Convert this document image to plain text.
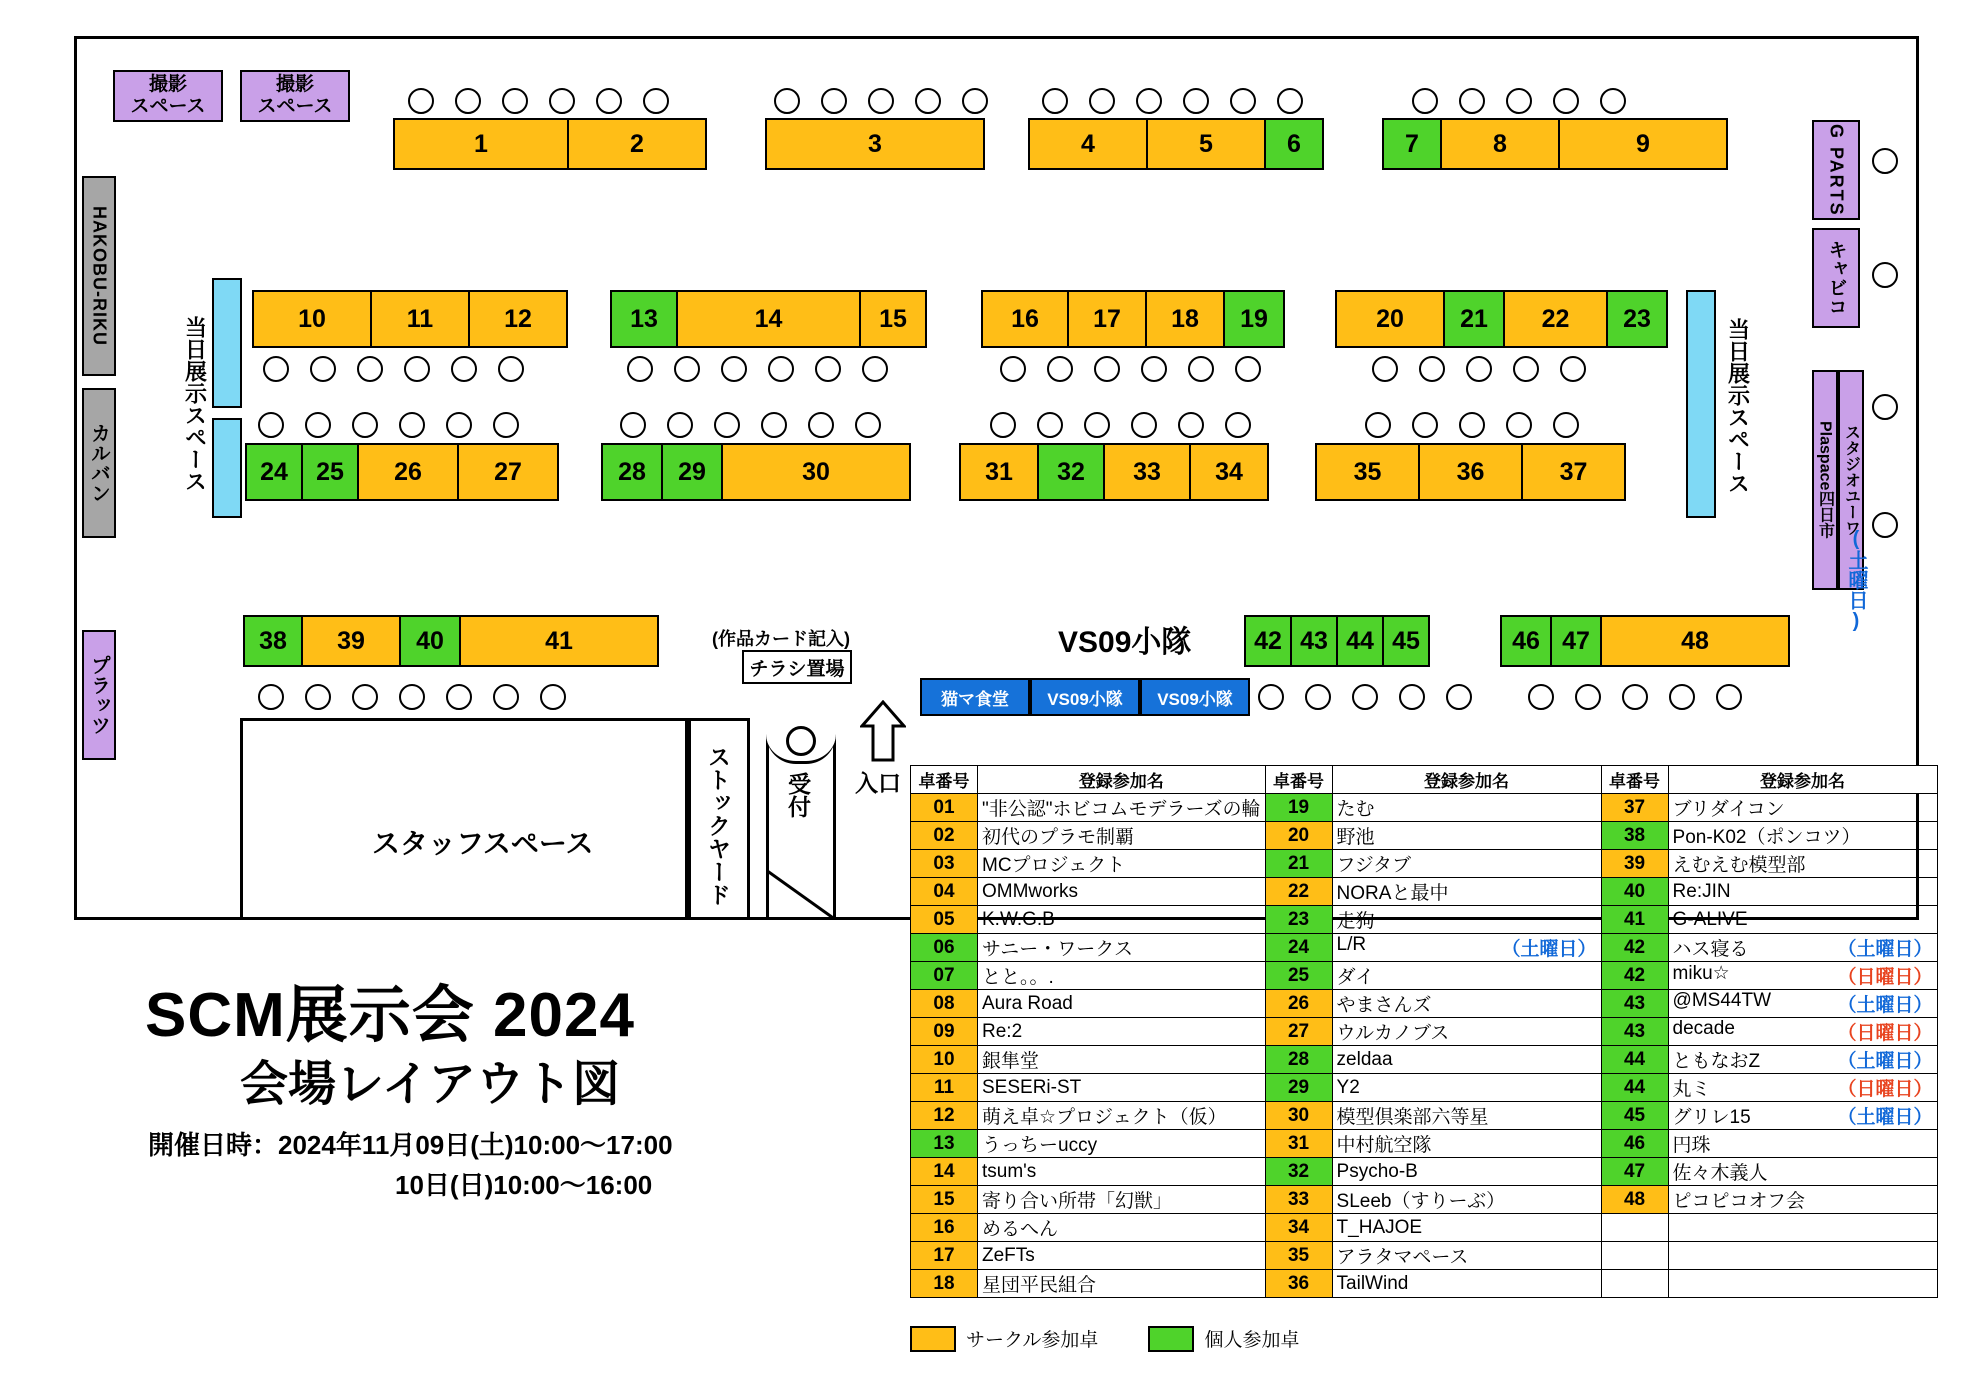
撮影
スペース
撮影
スペース
HAKOBU-RIKU
カルバン
プラッツ
当日展示スペース	当日展示スペース
G PARTS
キャビコ
Plaspace四日市 スタジオユーワ
(土曜日)
1	2	3	4	5	6	7	8	9
10	11	12	13	14	15	16	17	18	19	20	21	22	23
24	25	26	27	28	29	30	31	32	33	34	35	36	37
38	39	40	41	42 43 44 45	46 47	48
VS09小隊
猫マ食堂	VS09小隊	VS09小隊
(作品カード記入)
チラシ置場
スタッフスペース	ストックヤード 受付 入口
SCM展示会 2024
会場レイアウト図
開催日時：2024年11月09日(土)10:00〜17:00
10日(日)10:00〜16:00
卓番号	登録参加名	卓番号	登録参加名	卓番号	登録参加名
01	"非公認"ホビコムモデラーズの輪	19	たむ	37	ブリダイコン
02	初代のプラモ制覇	20	野池	38	Pon-K02（ポンコツ）
03	MCプロジェクト	21	フジタブ	39	えむえむ模型部
04	OMMworks	22	NORAと最中	40	Re:JIN
05	K.W.G.B	23	走狗	41	G-ALIVE
06	サニー・ワークス	24	L/R （土曜日）	42	ハス寝る （土曜日）

07	とと。。.	25	ダイ	42	miku☆ （日曜日）

08	Aura Road	26	やまさんズ	43	@MS44TW （土曜日）

09	Re:2	27	ウルカノブス	43	decade （日曜日）

10	銀隼堂	28	zeldaa	44	ともなおZ （土曜日）

11	SESERi-ST	29	Y2	44	丸ミ （日曜日）

12	萌え卓☆プロジェクト（仮）	30	模型倶楽部六等星	45	グリレ15 （土曜日）

13	うっちーuccy	31	中村航空隊	46	円珠
14	tsum's	32	Psycho-B	47	佐々木義人
15	寄り合い所帯「幻獣」	33	SLeeb（すりーぶ）	48	ピコピコオフ会
16	めるへん	34	T_HAJOE		
17	ZeFTs	35	アラタマペース		
18	星団平民組合	36	TailWind		
サークル参加卓	個人参加卓
